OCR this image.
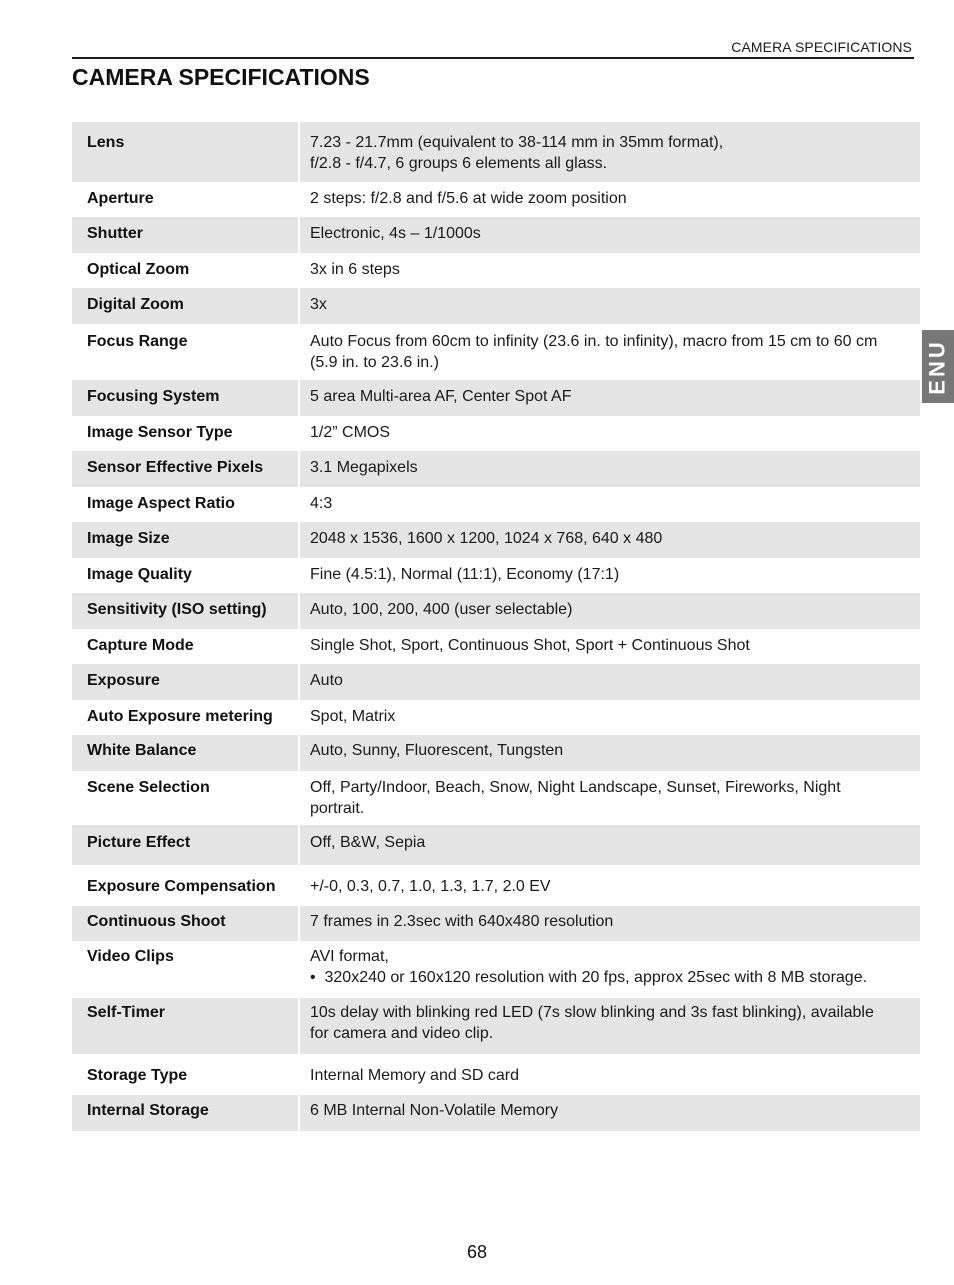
CAMERA SPECIFICATIONS
CAMERA SPECIFICATIONS
Lens	7.23 - 21.7mm (equivalent to 38-114 mm in 35mm format),
f/2.8 - f/4.7, 6 groups 6 elements all glass.
Aperture	2 steps: f/2.8 and f/5.6 at wide zoom position
Shutter	Electronic, 4s – 1/1000s
Optical Zoom	3x in 6 steps
Digital Zoom	3x
Focus Range	Auto Focus from 60cm to infinity (23.6 in. to infinity), macro from 15 cm to 60 cm
(5.9 in. to 23.6 in.)
Focusing System	5 area Multi-area AF, Center Spot AF
Image Sensor Type	1/2” CMOS
Sensor Effective Pixels	3.1 Megapixels
Image Aspect Ratio	4:3
Image Size	2048 x 1536, 1600 x 1200, 1024 x 768, 640 x 480
Image Quality	Fine (4.5:1), Normal (11:1), Economy (17:1)
Sensitivity (ISO setting)	Auto, 100, 200, 400 (user selectable)
Capture Mode	Single Shot, Sport, Continuous Shot, Sport + Continuous Shot
Exposure	Auto
Auto Exposure metering	Spot, Matrix
White Balance	Auto, Sunny, Fluorescent, Tungsten
Scene Selection	Off, Party/Indoor, Beach, Snow, Night Landscape, Sunset, Fireworks, Night
portrait.
Picture Effect	Off, B&W, Sepia
Exposure Compensation	+/-0, 0.3, 0.7, 1.0, 1.3, 1.7, 2.0 EV
Continuous Shoot	7 frames in 2.3sec with 640x480 resolution
Video Clips	AVI format,
•  320x240 or 160x120 resolution with 20 fps, approx 25sec with 8 MB storage.
Self-Timer	10s delay with blinking red LED (7s slow blinking and 3s fast blinking), available
for camera and video clip.
Storage Type	Internal Memory and SD card
Internal Storage	6 MB Internal Non-Volatile Memory
ENU
68
